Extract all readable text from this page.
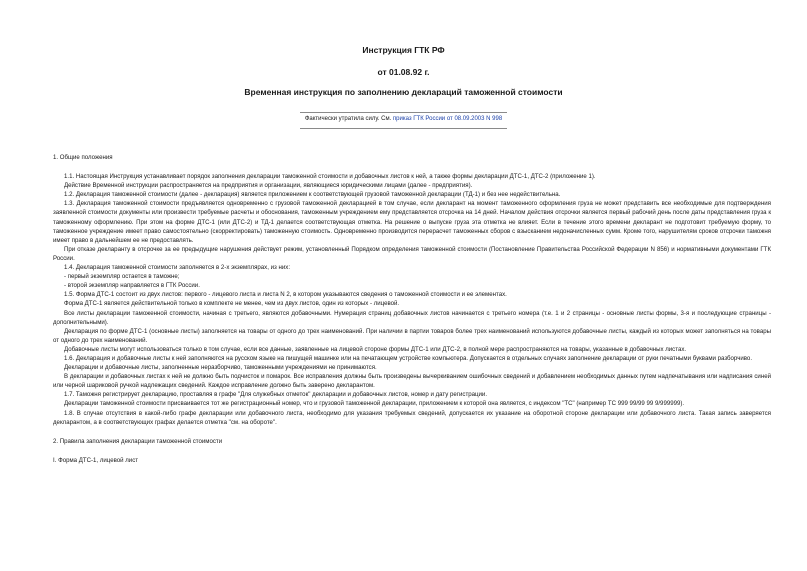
Инструкция ГТК РФ
от 01.08.92 г.
Временная инструкция по заполнению деклараций таможенной стоимости
Фактически утратила силу. См. приказ ГТК России от 08.09.2003 N 998

1. Общие положения

1.1. Настоящая Инструкция устанавливает порядок заполнения декларации таможенной стоимости и добавочных листов к ней, а также формы декларации ДТС-1, ДТС-2 (приложение 1).

Действие Временной инструкции распространяется на предприятия и организации, являющиеся юридическими лицами (далее - предприятия).

1.2. Декларация таможенной стоимости (далее - декларация) является приложением к соответствующей грузовой таможенной декларации (ТД-1) и без нее недействительна.

1.3. Декларация таможенной стоимости предъявляется одновременно с грузовой таможенной декларацией в том случае, если декларант на момент таможенного оформления груза не может представить все необходимые для подтверждения заявленной стоимости документы или произвести требуемые расчеты и обоснования, таможенным учреждением ему представляется отсрочка на 14 дней. Началом действия отсрочки является первый рабочий день после даты представления груза к таможенному оформлению. При этом на форме ДТС-1 (или ДТС-2) и ТД-1 делается соответствующая отметка. На решение о выпуске груза эта отметка не влияет. Если в течение этого времени декларант не подготовит требуемую форму, то таможенное учреждение имеет право самостоятельно (скорректировать) таможенную стоимость. Одновременно производится перерасчет таможенных сборов с взысканием недоначисленных сумм. Кроме того, нарушителям сроков отсрочки таможня имеет право в дальнейшем ее не предоставлять.

При отказе декларанту в отсрочке за ее предыдущие нарушения действует режим, установленный Порядком определения таможенной стоимости (Постановление Правительства Российской Федерации N 856) и нормативными документами ГТК России.

1.4. Декларация таможенной стоимости заполняется в 2-х экземплярах, из них:

- первый экземпляр остается в таможне;

- второй экземпляр направляется в ГТК России.

1.5. Форма ДТС-1 состоит из двух листов: первого - лицевого листа и листа N 2, в котором указываются сведения о таможенной стоимости и ее элементах.

Форма ДТС-1 является действительной только в комплекте не менее, чем из двух листов, один из которых - лицевой.

Все листы декларации таможенной стоимости, начиная с третьего, являются добавочными. Нумерация страниц добавочных листов начинается с третьего номера (т.е. 1 и 2 страницы - основные листы формы, 3-я и последующие страницы - дополнительными).

Декларация по форме ДТС-1 (основные листы) заполняется на товары от одного до трех наименований. При наличии в партии товаров более трех наименований используются добавочные листы, каждый из которых может заполняться на товары от одного до трех наименований.

Добавочные листы могут использоваться только в том случае, если все данные, заявленные на лицевой стороне формы ДТС-1 или ДТС-2, в полной мере распространяются на товары, указанные в добавочных листах.

1.6. Декларация и добавочные листы к ней заполняются на русском языке на пишущей машинке или на печатающем устройстве компьютера. Допускается в отдельных случаях заполнение декларации от руки печатными буквами разборчиво.

Декларации и добавочные листы, заполненные неразборчиво, таможенными учреждениями не принимаются.

В декларации и добавочных листах к ней не должно быть подчисток и помарок. Все исправления должны быть произведены вычеркиванием ошибочных сведений и добавлением необходимых данных путем надпечатывания или надписания синей или черной шариковой ручкой надлежащих сведений. Каждое исправление должно быть заверено декларантом.

1.7. Таможня регистрирует декларацию, проставляя в графе "Для служебных отметок" декларации и добавочных листов, номер и дату регистрации.

Декларации таможенной стоимости присваивается тот же регистрационный номер, что и грузовой таможенной декларации, приложением к которой она является, с индексом "ТС" (например ТС 999 99/99 99 9/999999).

1.8. В случае отсутствия в какой-либо графе декларации или добавочного листа, необходимо для указания требуемых сведений, допускается их указание на оборотной стороне декларации или добавочного листа. Такая запись заверяется декларантом, а в соответствующих графах делается отметка "см. на обороте".

2. Правила заполнения декларации таможенной стоимости

I. Форма ДТС-1, лицевой лист
